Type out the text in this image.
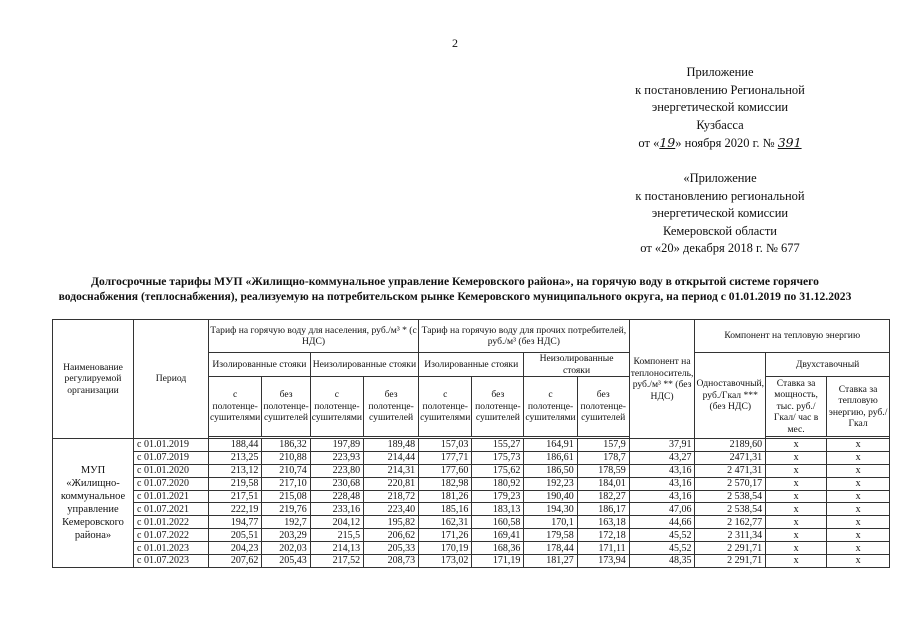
2
Приложение
к постановлению Региональной
энергетической комиссии
Кузбасса
от «19» ноября 2020 г. № 391
«Приложение
к постановлению региональной
энергетической комиссии
Кемеровской области
от «20» декабря 2018 г. № 677
Долгосрочные тарифы МУП «Жилищно-коммунальное управление Кемеровского района», на горячую воду в открытой системе горячего водоснабжения (теплоснабжения), реализуемую на потребительском рынке Кемеровского муниципального округа, на период с 01.01.2019 по 31.12.2023
Наименование регулируемой организации	Период	Тариф на горячую воду для населения, руб./м³ * (с НДС)				Тариф на горячую воду для прочих потребителей, руб./м³ (без НДС)				Компонент на теплоноситель, руб./м³ ** (без НДС)	Компонент на тепловую энергию		
		Изолированные стояки		Неизолированные стояки		Изолированные стояки		Неизолированные стояки			Одноставочный, руб./Гкал *** (без НДС)	Двухставочный	
		с полотенце-сушителями	без полотенце-сушителей	с полотенце-сушителями	без полотенце-сушителей	с полотенце-сушителями	без полотенце-сушителей	с полотенце-сушителями	без полотенце-сушителей			Ставка за мощность, тыс. руб./ Гкал/ час в мес.	Ставка за тепловую энергию, руб./Гкал

МУП «Жилищно-коммунальное управление Кемеровского района»	с 01.01.2019	188,44	186,32	197,89	189,48	157,03	155,27	164,91	157,9	37,91	2189,60	x	x
	с 01.07.2019	213,25	210,88	223,93	214,44	177,71	175,73	186,61	178,7	43,27	2471,31	x	x
	с 01.01.2020	213,12	210,74	223,80	214,31	177,60	175,62	186,50	178,59	43,16	2 471,31	x	x
	с 01.07.2020	219,58	217,10	230,68	220,81	182,98	180,92	192,23	184,01	43,16	2 570,17	x	x
	с 01.01.2021	217,51	215,08	228,48	218,72	181,26	179,23	190,40	182,27	43,16	2 538,54	x	x
	с 01.07.2021	222,19	219,76	233,16	223,40	185,16	183,13	194,30	186,17	47,06	2 538,54	x	x
	с 01.01.2022	194,77	192,7	204,12	195,82	162,31	160,58	170,1	163,18	44,66	2 162,77	x	x
	с 01.07.2022	205,51	203,29	215,5	206,62	171,26	169,41	179,58	172,18	45,52	2 311,34	x	x
	с 01.01.2023	204,23	202,03	214,13	205,33	170,19	168,36	178,44	171,11	45,52	2 291,71	x	x
	с 01.07.2023	207,62	205,43	217,52	208,73	173,02	171,19	181,27	173,94	48,35	2 291,71	x	x
